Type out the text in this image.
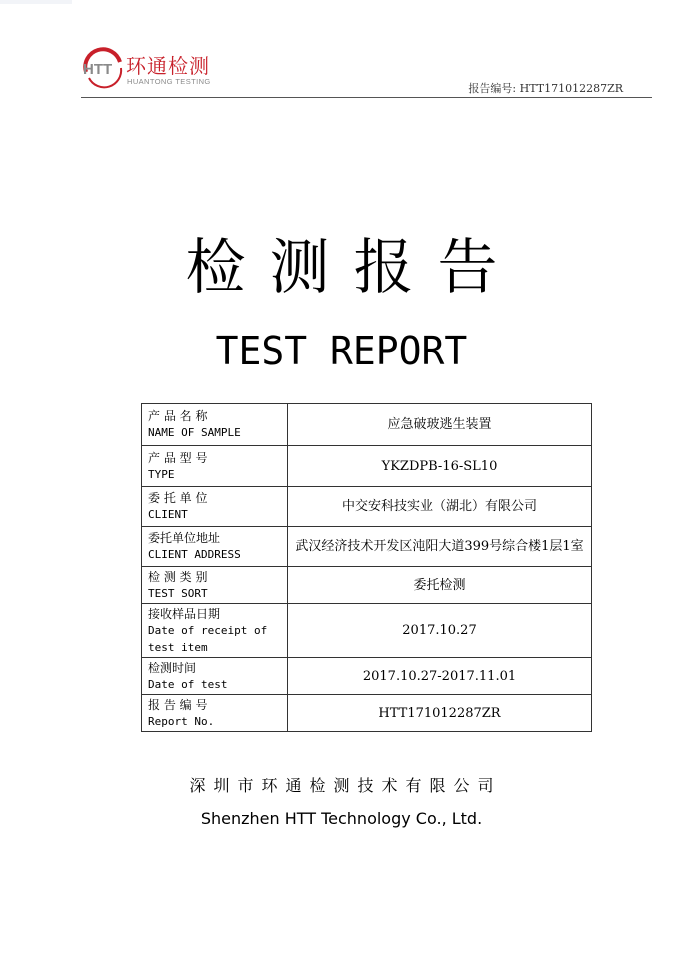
HTT 环通检测

HUANTONG TESTING

报告编号: HTT171012287ZR

检测报告
TEST REPORT
产 品 名 称
NAME OF SAMPLE	应急破玻逃生装置

产 品 型 号
TYPE	YKZDPB-16-SL10

委 托 单 位
CLIENT	中交安科技实业（湖北）有限公司

委托单位地址
CLIENT ADDRESS	武汉经济技术开发区沌阳大道399号综合楼1层1室

检 测 类 别
TEST SORT	委托检测

接收样品日期
Date of receipt of test item	2017.10.27

检测时间
Date of test	2017.10.27-2017.11.01

报 告 编 号
Report No.	HTT171012287ZR

深圳市环通检测技术有限公司

Shenzhen HTT Technology Co., Ltd.
